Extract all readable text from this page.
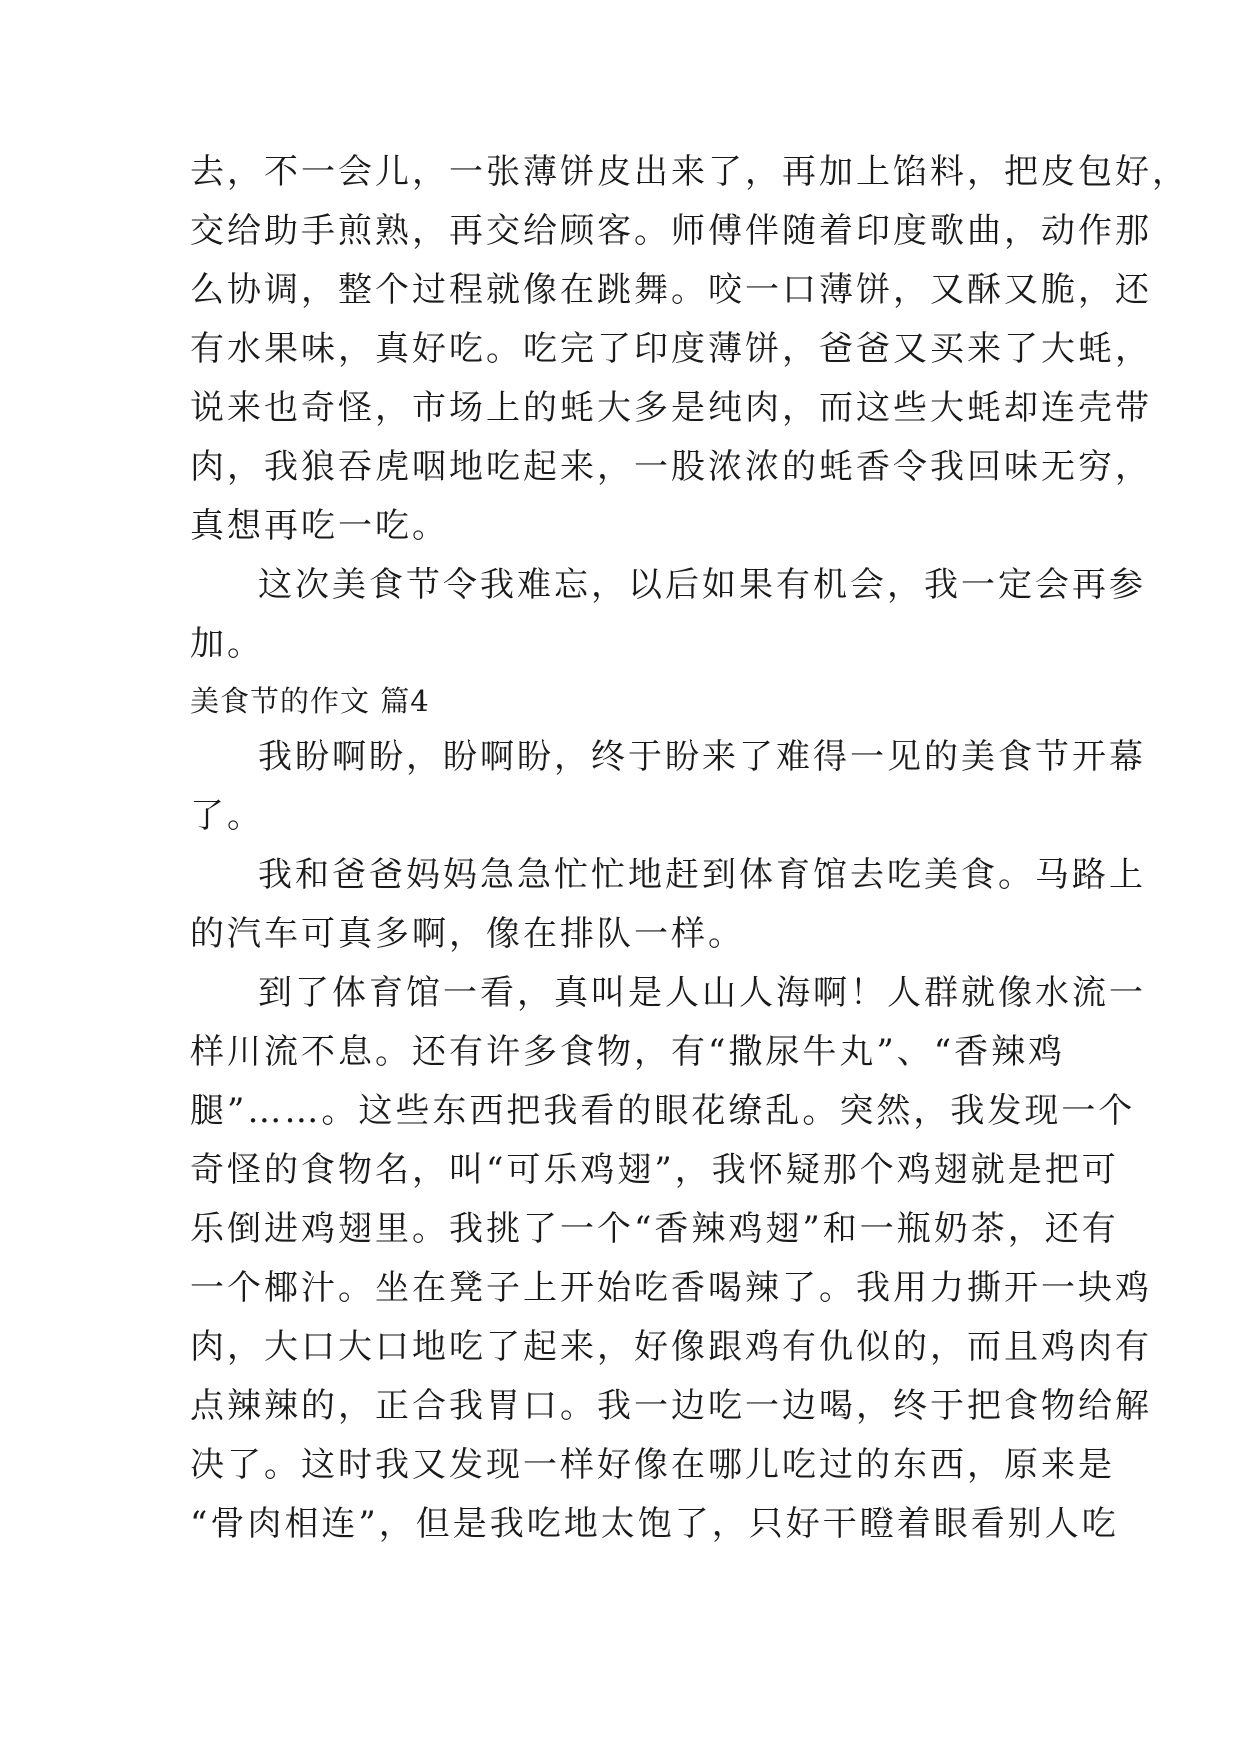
去，不一会儿，一张薄饼皮出来了，再加上馅料，把皮包好，
交给助手煎熟，再交给顾客。师傅伴随着印度歌曲，动作那
么协调，整个过程就像在跳舞。咬一口薄饼，又酥又脆，还
有水果味，真好吃。吃完了印度薄饼，爸爸又买来了大蚝，
说来也奇怪，市场上的蚝大多是纯肉，而这些大蚝却连壳带
肉，我狼吞虎咽地吃起来，一股浓浓的蚝香令我回味无穷，
真想再吃一吃。
这次美食节令我难忘，以后如果有机会，我一定会再参
加。
美食节的作文 篇4
我盼啊盼，盼啊盼，终于盼来了难得一见的美食节开幕
了。
我和爸爸妈妈急急忙忙地赶到体育馆去吃美食。马路上
的汽车可真多啊，像在排队一样。
到了体育馆一看，真叫是人山人海啊！人群就像水流一
样川流不息。还有许多食物，有“撒尿牛丸”、“香辣鸡
腿”……。这些东西把我看的眼花缭乱。突然，我发现一个
奇怪的食物名，叫“可乐鸡翅”，我怀疑那个鸡翅就是把可
乐倒进鸡翅里。我挑了一个“香辣鸡翅”和一瓶奶茶，还有
一个椰汁。坐在凳子上开始吃香喝辣了。我用力撕开一块鸡
肉，大口大口地吃了起来，好像跟鸡有仇似的，而且鸡肉有
点辣辣的，正合我胃口。我一边吃一边喝，终于把食物给解
决了。这时我又发现一样好像在哪儿吃过的东西，原来是
“骨肉相连”，但是我吃地太饱了，只好干瞪着眼看别人吃
